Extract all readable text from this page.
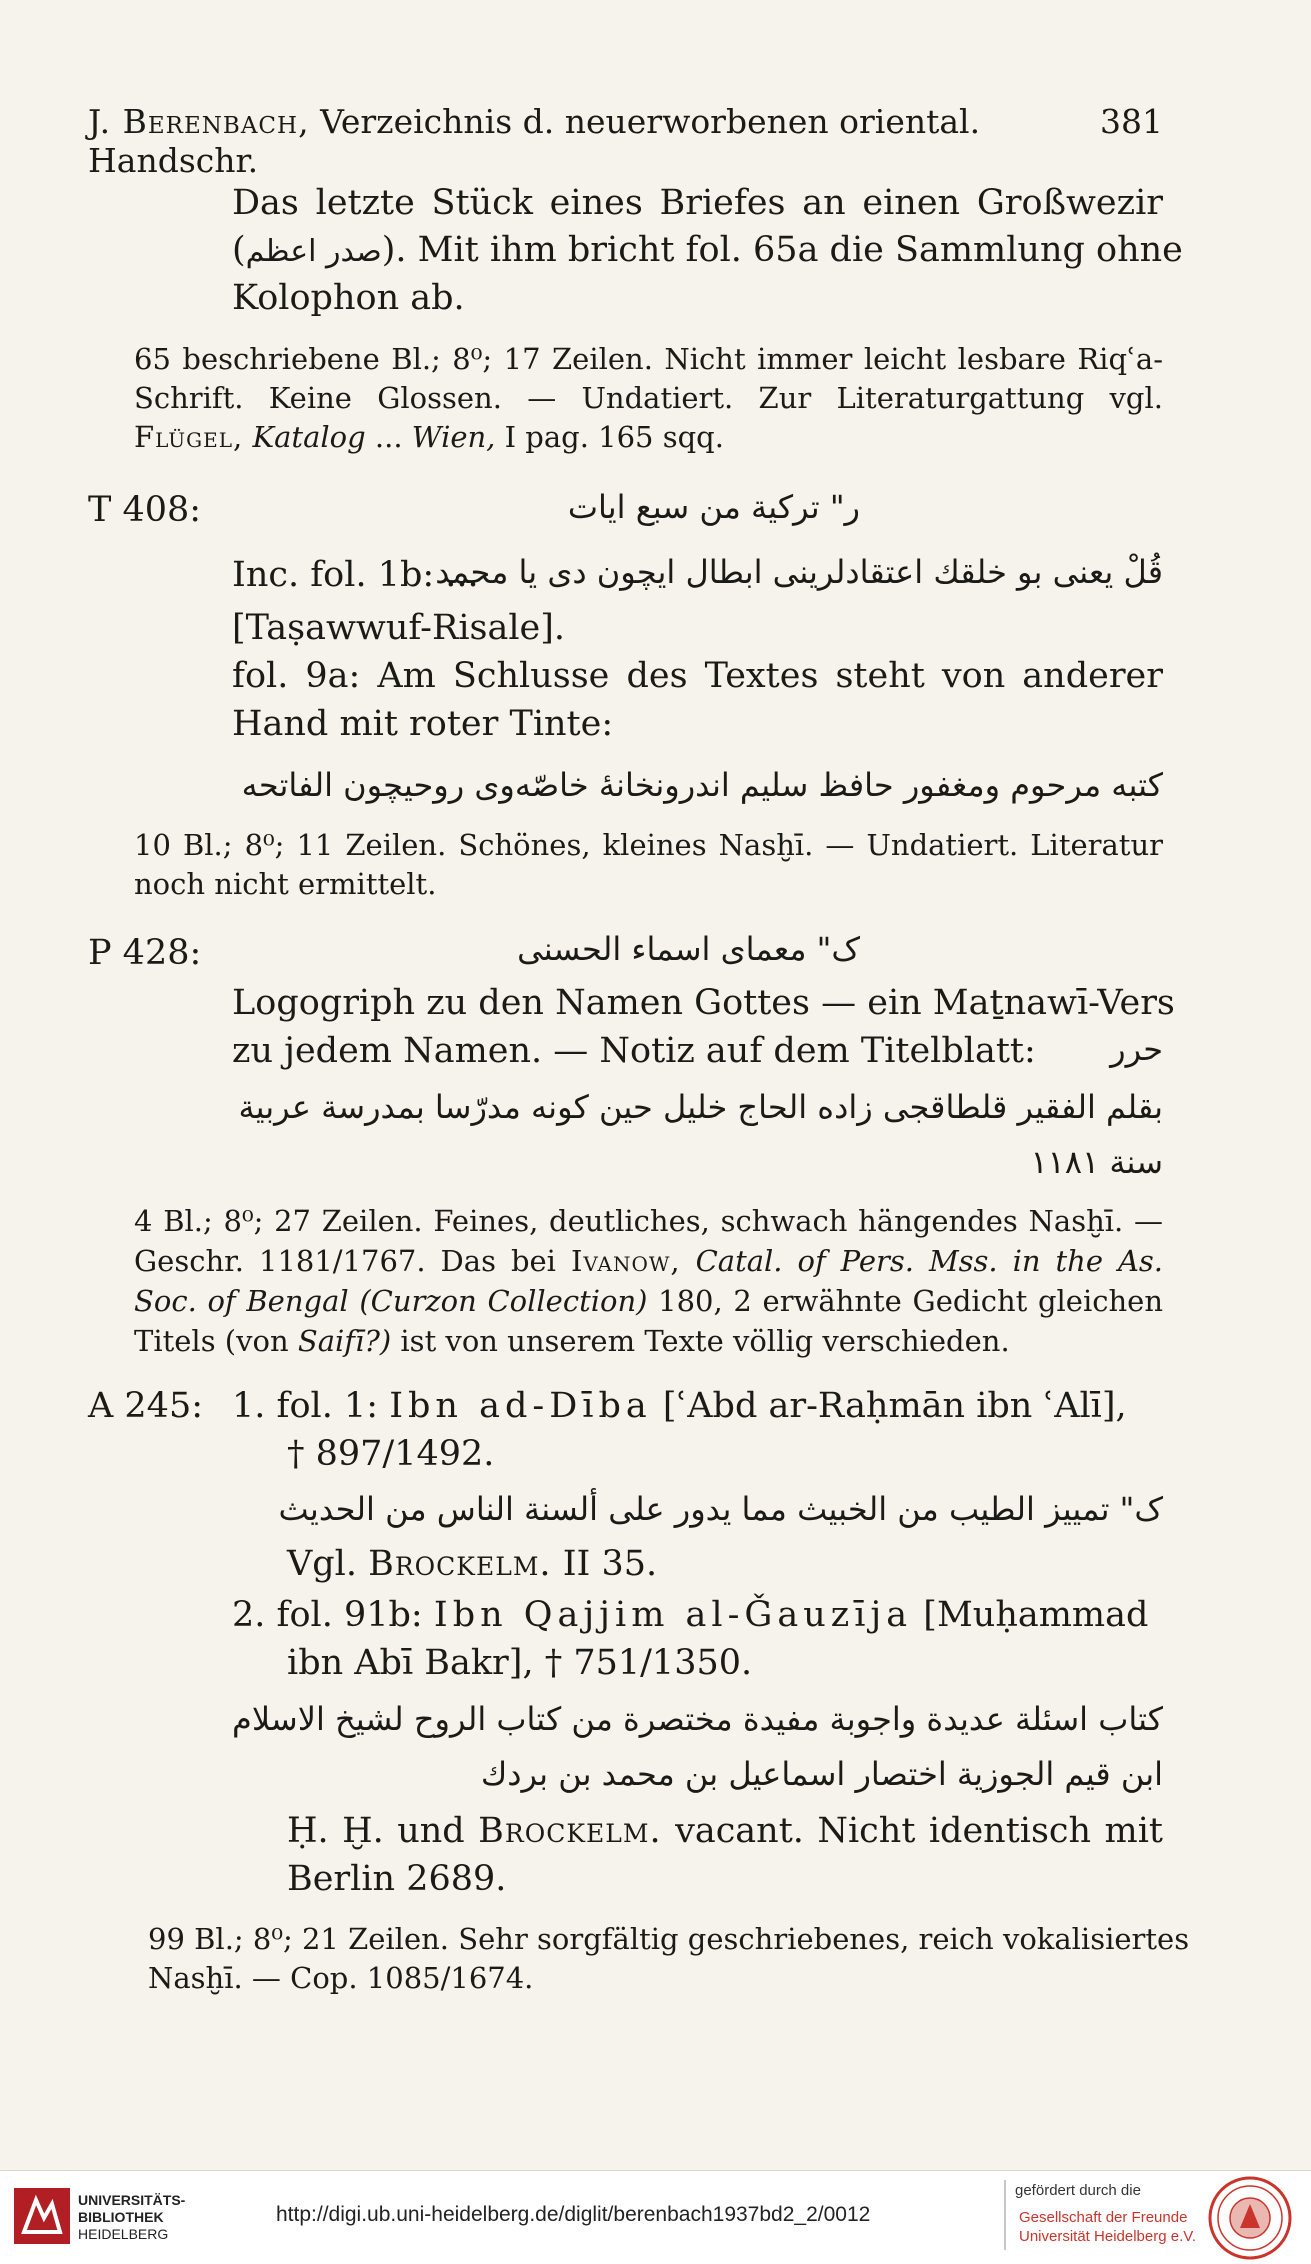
J. Berenbach, Verzeichnis d. neuerworbenen oriental. Handschr.
381
Das letzte Stück eines Briefes an einen Großwezir
(صدر اعظم). Mit ihm bricht fol. 65a die Sammlung ohne
Kolophon ab.
65 beschriebene Bl.; 8⁰; 17 Zeilen. Nicht immer leicht lesbare Riqʿa-
Schrift. Keine Glossen. — Undatiert. Zur Literaturgattung vgl.
Flügel, Katalog ... Wien, I pag. 165 sqq.
T 408:	ر" تركية من سبع ايات
Inc. fol. 1b: ...
قُلْ يعنى بو خلقك اعتقادلرينى ابطال ايچون دى يا محمد
[Taṣawwuf-Risale].
fol. 9a: Am Schlusse des Textes steht von anderer
Hand mit roter Tinte:
كتبه مرحوم ومغفور حافظ سليم اندرونخانهٔ خاصّه‌وى روحيچون الفاتحه
10 Bl.; 8⁰; 11 Zeilen. Schönes, kleines Nasḫī. — Undatiert. Literatur
noch nicht ermittelt.
P 428:	ک" معماى اسماء الحسنى
Logogriph zu den Namen Gottes — ein Maṯnawī-Vers
zu jedem Namen. — Notiz auf dem Titelblatt:	حرر
بقلم الفقير قلطاقجى زاده الحاج خليل حين كونه مدرّسا بمدرسة عربية
سنة ١١٨١
4 Bl.; 8⁰; 27 Zeilen. Feines, deutliches, schwach hängendes Nasḫī. —
Geschr. 1181/1767. Das bei Ivanow, Catal. of Pers. Mss. in the As.
Soc. of Bengal (Curzon Collection) 180, 2 erwähnte Gedicht gleichen
Titels (von Saifī?) ist von unserem Texte völlig verschieden.
A 245: 1. fol. 1: Ibn ad-Dība [ʿAbd ar-Raḥmān ibn ʿAlī],
† 897/1492.
ک" تمييز الطيب من الخبيث مما يدور على ألسنة الناس من الحديث
Vgl. Brockelm. II 35.
2. fol. 91b: Ibn Qajjim al-Ǧauzīja [Muḥammad
ibn Abī Bakr], † 751/1350.
كتاب اسئلة عديدة واجوبة مفيدة مختصرة من كتاب الروح لشيخ الاسلام
ابن قيم الجوزية اختصار اسماعيل بن محمد بن بردك
Ḥ. Ḫ. und Brockelm. vacant. Nicht identisch mit
Berlin 2689.
99 Bl.; 8⁰; 21 Zeilen. Sehr sorgfältig geschriebenes, reich vokalisiertes
Nasḫī. — Cop. 1085/1674.
UNIVERSITÄTS-
BIBLIOTHEK
HEIDELBERG
http://digi.ub.uni-heidelberg.de/diglit/berenbach1937bd2_2/0012
gefördert durch die
Gesellschaft der Freunde
Universität Heidelberg e.V.
